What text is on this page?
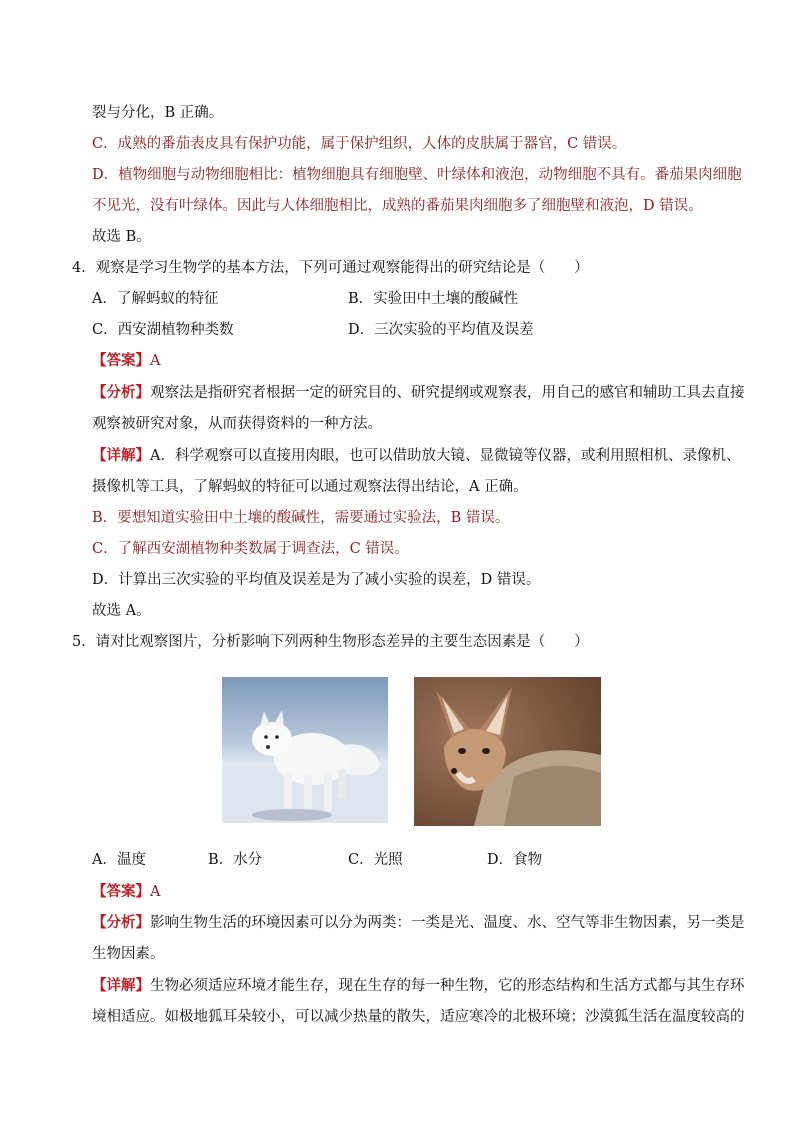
裂与分化，B 正确。
C．成熟的番茄表皮具有保护功能，属于保护组织，人体的皮肤属于器官，C 错误。
D．植物细胞与动物细胞相比：植物细胞具有细胞壁、叶绿体和液泡，动物细胞不具有。番茄果肉细胞
不见光，没有叶绿体。因此与人体细胞相比，成熟的番茄果肉细胞多了细胞壁和液泡，D 错误。
故选 B。
4．观察是学习生物学的基本方法，下列可通过观察能得出的研究结论是（　　）
A．了解蚂蚁的特征	B．实验田中土壤的酸碱性
C．西安湖植物种类数	D．三次实验的平均值及误差
【答案】A
【分析】观察法是指研究者根据一定的研究目的、研究提纲或观察表，用自己的感官和辅助工具去直接
观察被研究对象，从而获得资料的一种方法。
【详解】A．科学观察可以直接用肉眼，也可以借助放大镜、显微镜等仪器，或利用照相机、录像机、
摄像机等工具，了解蚂蚁的特征可以通过观察法得出结论，A 正确。
B．要想知道实验田中土壤的酸碱性，需要通过实验法，B 错误。
C．了解西安湖植物种类数属于调查法，C 错误。
D．计算出三次实验的平均值及误差是为了减小实验的误差，D 错误。
故选 A。
5．请对比观察图片，分析影响下列两种生物形态差异的主要生态因素是（　　）
A．温度	B．水分	C．光照	D．食物
【答案】A
【分析】影响生物生活的环境因素可以分为两类：一类是光、温度、水、空气等非生物因素，另一类是
生物因素。
【详解】生物必须适应环境才能生存，现在生存的每一种生物，它的形态结构和生活方式都与其生存环
境相适应。如极地狐耳朵较小，可以减少热量的散失，适应寒冷的北极环境；沙漠狐生活在温度较高的
